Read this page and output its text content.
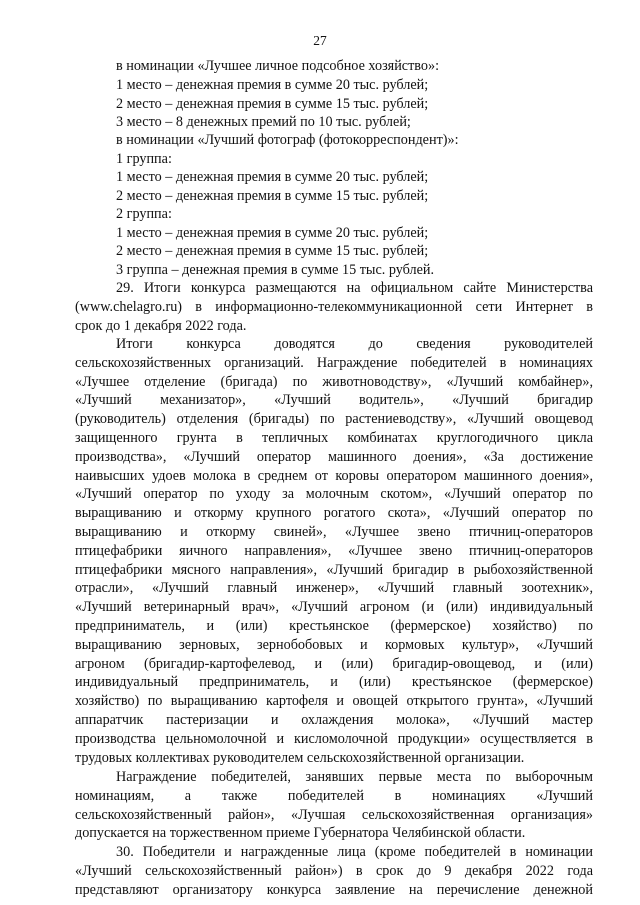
27
в номинации «Лучшее личное подсобное хозяйство»:
1 место – денежная премия в сумме 20 тыс. рублей;
2 место – денежная премия в сумме 15 тыс. рублей;
3 место – 8 денежных премий по 10 тыс. рублей;
в номинации «Лучший фотограф (фотокорреспондент)»:
1 группа:
1 место – денежная премия в сумме 20 тыс. рублей;
2 место – денежная премия в сумме 15 тыс. рублей;
2 группа:
1 место – денежная премия в сумме 20 тыс. рублей;
2 место – денежная премия в сумме 15 тыс. рублей;
3 группа – денежная премия в сумме 15 тыс. рублей.
29. Итоги конкурса размещаются на официальном сайте Министерства
(www.chelagro.ru) в информационно-телекоммуникационной сети Интернет в
срок до 1 декабря 2022 года.
Итоги конкурса доводятся до сведения руководителей
сельскохозяйственных организаций. Награждение победителей в номинациях
«Лучшее отделение (бригада) по животноводству», «Лучший комбайнер»,
«Лучший механизатор», «Лучший водитель», «Лучший бригадир
(руководитель) отделения (бригады) по растениеводству», «Лучший овощевод
защищенного грунта в тепличных комбинатах круглогодичного цикла
производства», «Лучший оператор машинного доения», «За достижение
наивысших удоев молока в среднем от коровы оператором машинного доения»,
«Лучший оператор по уходу за молочным скотом», «Лучший оператор по
выращиванию и откорму крупного рогатого скота», «Лучший оператор по
выращиванию и откорму свиней», «Лучшее звено птичниц-операторов
птицефабрики яичного направления», «Лучшее звено птичниц-операторов
птицефабрики мясного направления», «Лучший бригадир в рыбохозяйственной
отрасли», «Лучший главный инженер», «Лучший главный зоотехник»,
«Лучший ветеринарный врач», «Лучший агроном (и (или) индивидуальный
предприниматель, и (или) крестьянское (фермерское) хозяйство) по
выращиванию зерновых, зернобобовых и кормовых культур», «Лучший
агроном (бригадир-картофелевод, и (или) бригадир-овощевод, и (или)
индивидуальный предприниматель, и (или) крестьянское (фермерское)
хозяйство) по выращиванию картофеля и овощей открытого грунта», «Лучший
аппаратчик пастеризации и охлаждения молока», «Лучший мастер
производства цельномолочной и кисломолочной продукции» осуществляется в
трудовых коллективах руководителем сельскохозяйственной организации.
Награждение победителей, занявших первые места по выборочным
номинациям, а также победителей в номинациях «Лучший
сельскохозяйственный район», «Лучшая сельскохозяйственная организация»
допускается на торжественном приеме Губернатора Челябинской области.
30. Победители и награжденные лица (кроме победителей в номинации
«Лучший сельскохозяйственный район») в срок до 9 декабря 2022 года
представляют организатору конкурса заявление на перечисление денежной
